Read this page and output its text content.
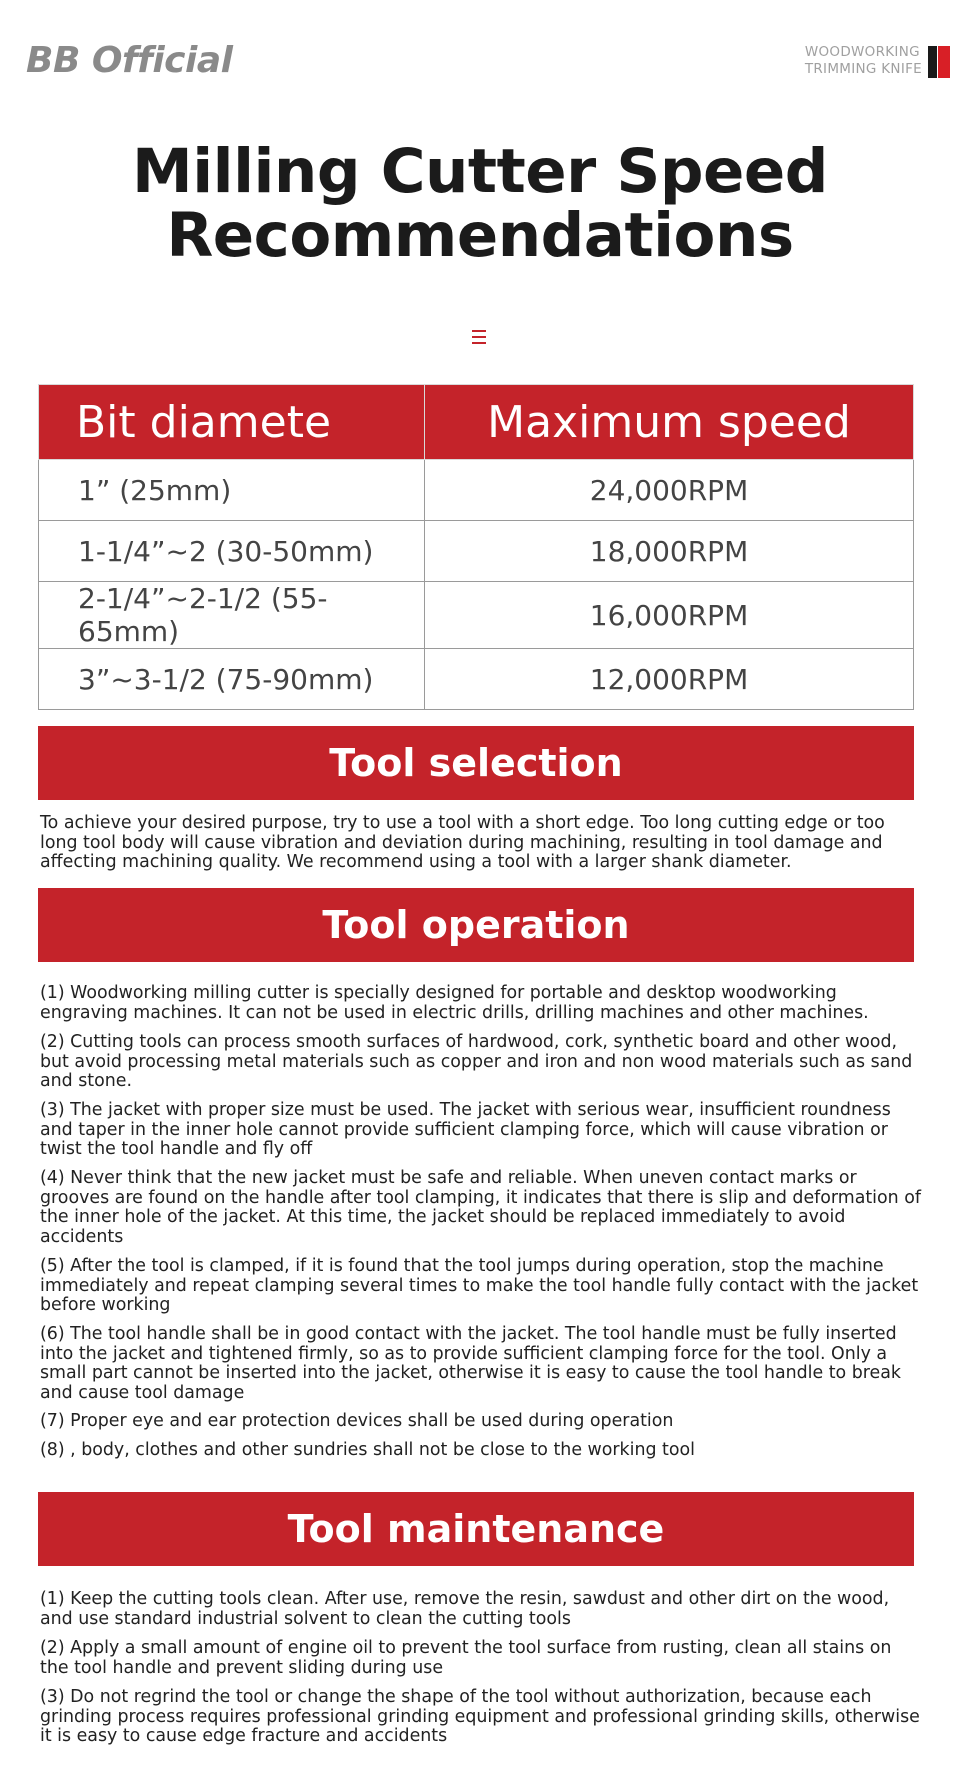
BB Official	WOODWORKING
TRIMMING KNIFE
Milling Cutter Speed
Recommendations
Bit diamete	Maximum speed
1” (25mm)	24,000RPM
1-1/4”~2 (30-50mm)	18,000RPM
2-1/4”~2-1/2 (55-65mm)	16,000RPM
3”~3-1/2 (75-90mm)	12,000RPM
Tool selection
To achieve your desired purpose, try to use a tool with a short edge. Too long cutting edge or too long tool body will cause vibration and deviation during machining, resulting in tool damage and affecting machining quality. We recommend using a tool with a larger shank diameter.
Tool operation
(1) Woodworking milling cutter is specially designed for portable and desktop woodworking engraving machines. It can not be used in electric drills, drilling machines and other machines.
(2) Cutting tools can process smooth surfaces of hardwood, cork, synthetic board and other wood, but avoid processing metal materials such as copper and iron and non wood materials such as sand and stone.
(3) The jacket with proper size must be used. The jacket with serious wear, insufficient roundness and taper in the inner hole cannot provide sufficient clamping force, which will cause vibration or twist the tool handle and fly off
(4) Never think that the new jacket must be safe and reliable. When uneven contact marks or grooves are found on the handle after tool clamping, it indicates that there is slip and deformation of the inner hole of the jacket. At this time, the jacket should be replaced immediately to avoid accidents
(5) After the tool is clamped, if it is found that the tool jumps during operation, stop the machine immediately and repeat clamping several times to make the tool handle fully contact with the jacket before working
(6) The tool handle shall be in good contact with the jacket. The tool handle must be fully inserted into the jacket and tightened firmly, so as to provide sufficient clamping force for the tool. Only a small part cannot be inserted into the jacket, otherwise it is easy to cause the tool handle to break and cause tool damage
(7) Proper eye and ear protection devices shall be used during operation
(8) , body, clothes and other sundries shall not be close to the working tool
Tool maintenance
(1) Keep the cutting tools clean. After use, remove the resin, sawdust and other dirt on the wood, and use standard industrial solvent to clean the cutting tools
(2) Apply a small amount of engine oil to prevent the tool surface from rusting, clean all stains on the tool handle and prevent sliding during use
(3) Do not regrind the tool or change the shape of the tool without authorization, because each grinding process requires professional grinding equipment and professional grinding skills, otherwise it is easy to cause edge fracture and accidents
